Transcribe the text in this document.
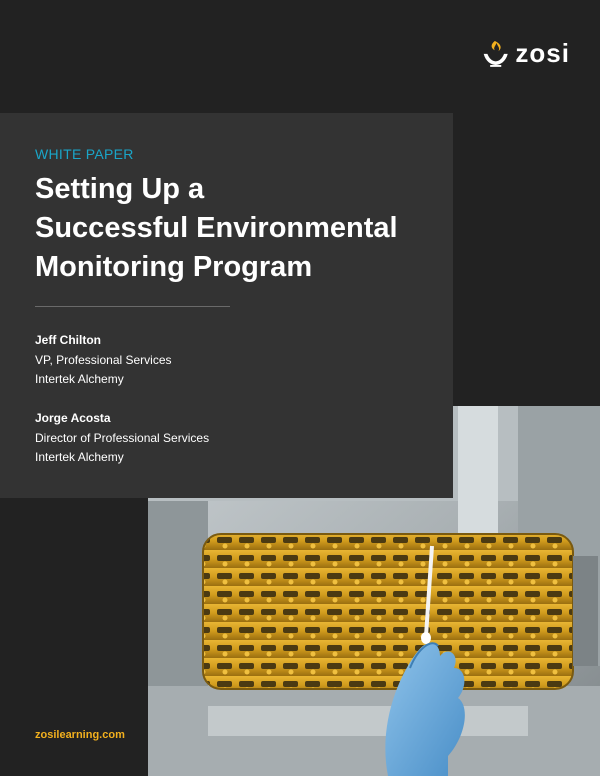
zosi
WHITE PAPER
Setting Up a
Successful Environmental
Monitoring Program
Jeff Chilton
VP, Professional Services
Intertek Alchemy
Jorge Acosta
Director of Professional Services
Intertek Alchemy
zosilearning.com
